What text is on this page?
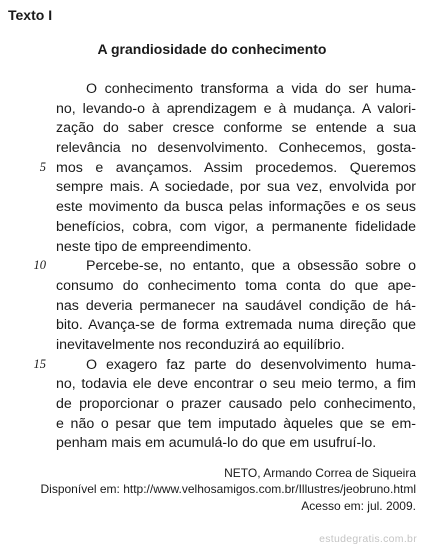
Texto I
A grandiosidade do conhecimento
5
10
15
O conhecimento transforma a vida do ser huma-
no, levando-o à aprendizagem e à mudança. A valori-
zação do saber cresce conforme se entende a sua
relevância no desenvolvimento. Conhecemos, gosta-
mos e avançamos. Assim procedemos. Queremos
sempre mais. A sociedade, por sua vez, envolvida por
este movimento da busca pelas informações e os seus
benefícios, cobra, com vigor, a permanente fidelidade
neste tipo de empreendimento.
Percebe-se, no entanto, que a obsessão sobre o
consumo do conhecimento toma conta do que ape-
nas deveria permanecer na saudável condição de há-
bito. Avança-se de forma extremada numa direção que
inevitavelmente nos reconduzirá ao equilíbrio.
O exagero faz parte do desenvolvimento huma-
no, todavia ele deve encontrar o seu meio termo, a fim
de proporcionar o prazer causado pelo conhecimento,
e não o pesar que tem imputado àqueles que se em-
penham mais em acumulá-lo do que em usufruí-lo.
NETO, Armando Correa de Siqueira
Disponível em: http://www.velhosamigos.com.br/Illustres/jeobruno.html
Acesso em: jul. 2009.
estudegratis.com.br
